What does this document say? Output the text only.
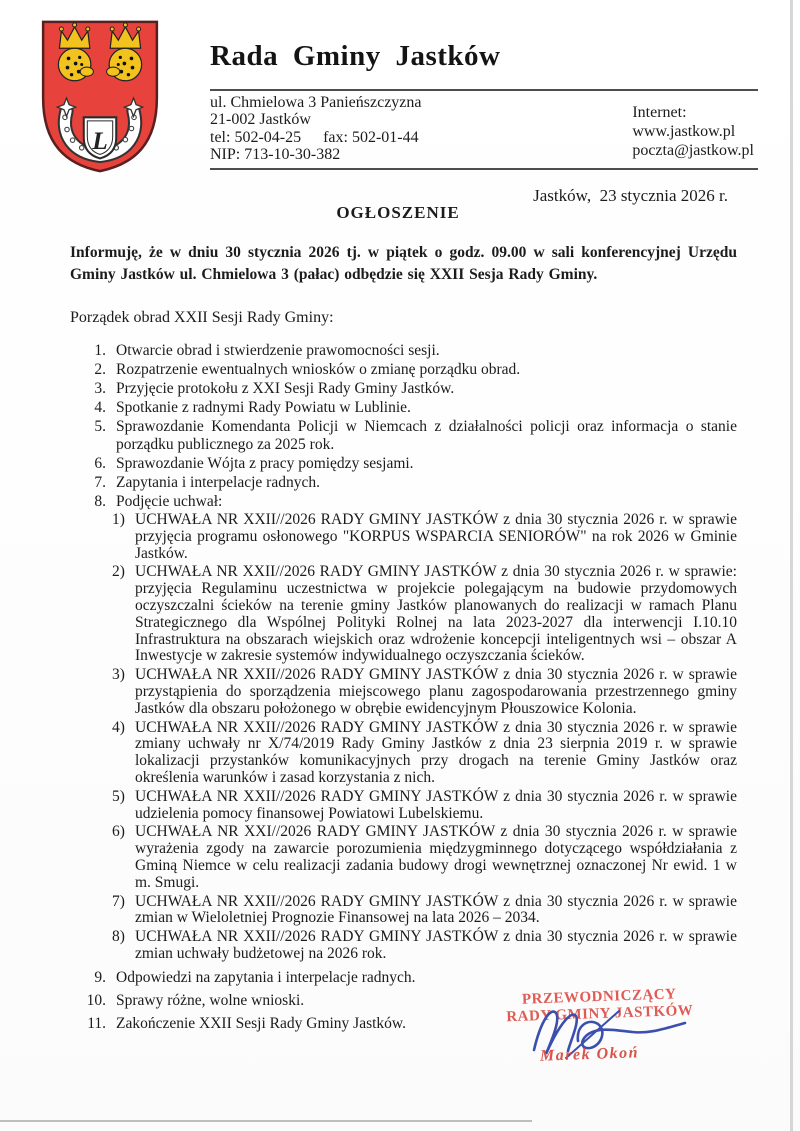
L
Rada Gminy Jastków
ul. Chmielowa 3 Panieńszczyzna
21-002 Jastków
tel: 502-04-25 fax: 502-01-44
NIP: 713-10-30-382
Internet:
www.jastkow.pl
poczta@jastkow.pl
Jastków,  23 stycznia 2026 r.
OGŁOSZENIE
Informuję, że w dniu 30 stycznia 2026 tj. w piątek o godz. 09.00 w sali konferencyjnej Urzędu Gminy Jastków ul. Chmielowa 3 (pałac) odbędzie się XXII Sesja Rady Gminy.
Porządek obrad XXII Sesji Rady Gminy:
1. Otwarcie obrad i stwierdzenie prawomocności sesji.
2. Rozpatrzenie ewentualnych wniosków o zmianę porządku obrad.
3. Przyjęcie protokołu z XXI Sesji Rady Gminy Jastków.
4. Spotkanie z radnymi Rady Powiatu w Lublinie.
5. Sprawozdanie Komendanta Policji w Niemcach z działalności policji oraz informacja o stanie porządku publicznego za 2025 rok.
6. Sprawozdanie Wójta z pracy pomiędzy sesjami.
7. Zapytania i interpelacje radnych.
8. Podjęcie uchwał:
1) UCHWAŁA NR XXII//2026 RADY GMINY JASTKÓW z dnia 30 stycznia 2026 r. w sprawie przyjęcia programu osłonowego "KORPUS WSPARCIA SENIORÓW" na rok 2026 w Gminie Jastków.
2) UCHWAŁA NR XXII//2026 RADY GMINY JASTKÓW z dnia 30 stycznia 2026 r. w sprawie: przyjęcia Regulaminu uczestnictwa w projekcie polegającym na budowie przydomowych oczyszczalni ścieków na terenie gminy Jastków planowanych do realizacji w ramach Planu Strategicznego dla Wspólnej Polityki Rolnej na lata 2023-2027 dla interwencji I.10.10 Infrastruktura na obszarach wiejskich oraz wdrożenie koncepcji inteligentnych wsi – obszar A Inwestycje w zakresie systemów indywidualnego oczyszczania ścieków.
3) UCHWAŁA NR XXII//2026 RADY GMINY JASTKÓW z dnia 30 stycznia 2026 r. w sprawie przystąpienia do sporządzenia miejscowego planu zagospodarowania przestrzennego gminy Jastków dla obszaru położonego w obrębie ewidencyjnym Płouszowice Kolonia.
4) UCHWAŁA NR XXII//2026 RADY GMINY JASTKÓW z dnia 30 stycznia 2026 r. w sprawie zmiany uchwały nr X/74/2019 Rady Gminy Jastków z dnia 23 sierpnia 2019 r. w sprawie lokalizacji przystanków komunikacyjnych przy drogach na terenie Gminy Jastków oraz określenia warunków i zasad korzystania z nich.
5) UCHWAŁA NR XXII//2026 RADY GMINY JASTKÓW z dnia 30 stycznia 2026 r. w sprawie udzielenia pomocy finansowej Powiatowi Lubelskiemu.
6) UCHWAŁA NR XXI//2026 RADY GMINY JASTKÓW z dnia 30 stycznia 2026 r. w sprawie wyrażenia zgody na zawarcie porozumienia międzygminnego dotyczącego współdziałania z Gminą Niemce w celu realizacji zadania budowy drogi wewnętrznej oznaczonej Nr ewid. 1 w m. Smugi.
7) UCHWAŁA NR XXII//2026 RADY GMINY JASTKÓW z dnia 30 stycznia 2026 r. w sprawie zmian w Wieloletniej Prognozie Finansowej na lata 2026 – 2034.
8) UCHWAŁA NR XXII//2026 RADY GMINY JASTKÓW z dnia 30 stycznia 2026 r. w sprawie zmian uchwały budżetowej na 2026 rok.
9. Odpowiedzi na zapytania i interpelacje radnych.
10. Sprawy różne, wolne wnioski.
11. Zakończenie XXII Sesji Rady Gminy Jastków.
PRZEWODNICZĄCY
RADY GMINY JASTKÓW
Marek Okoń
